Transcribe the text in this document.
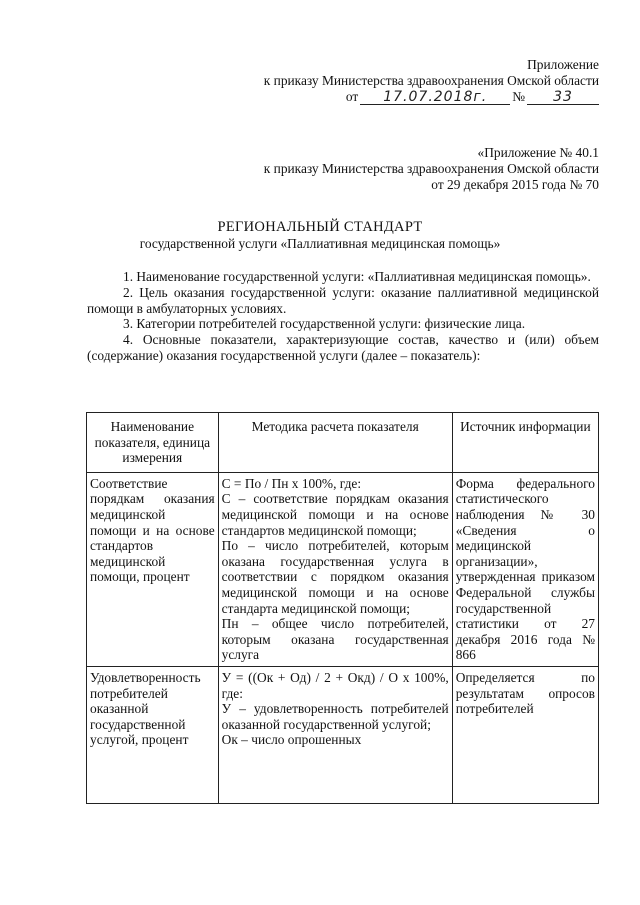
Приложение
к приказу Министерства здравоохранения Омской области
от	17.07.2018г.	№	33
«Приложение № 40.1
к приказу Министерства здравоохранения Омской области
от 29 декабря 2015 года № 70
РЕГИОНАЛЬНЫЙ СТАНДАРТ
государственной услуги «Паллиативная медицинская помощь»

1. Наименование государственной услуги: «Паллиативная медицинская помощь».

2. Цель оказания государственной услуги: оказание паллиативной медицинской помощи в амбулаторных условиях.

3. Категории потребителей государственной услуги: физические лица.

4. Основные показатели, характеризующие состав, качество и (или) объем (содержание) оказания государственной услуги (далее – показатель):

Наименование показателя, единица измерения	Методика расчета показателя	Источник информации
Соответствие порядкам оказания медицинской помощи и на основе стандартов медицинской помощи, процент	С = По / Пн х 100%, где:
С – соответствие порядкам оказания медицинской помощи и на основе стандартов медицинской помощи;
По – число потребителей, которым оказана государственная услуга в соответствии с порядком оказания медицинской помощи и на основе стандарта медицинской помощи;
Пн – общее число потребителей, которым оказана государственная услуга	Форма федерального статистического наблюдения № 30 «Сведения о медицинской организации», утвержденная приказом Федеральной службы государственной статистики от 27 декабря 2016 года № 866
Удовлетворенность потребителей оказанной государственной услугой, процент	У = ((Ок + Од) / 2 + Окд) / О х 100%, где:
У – удовлетворенность потребителей оказанной государственной услугой;
Ок – число опрошенных	Определяется по результатам опросов потребителей
